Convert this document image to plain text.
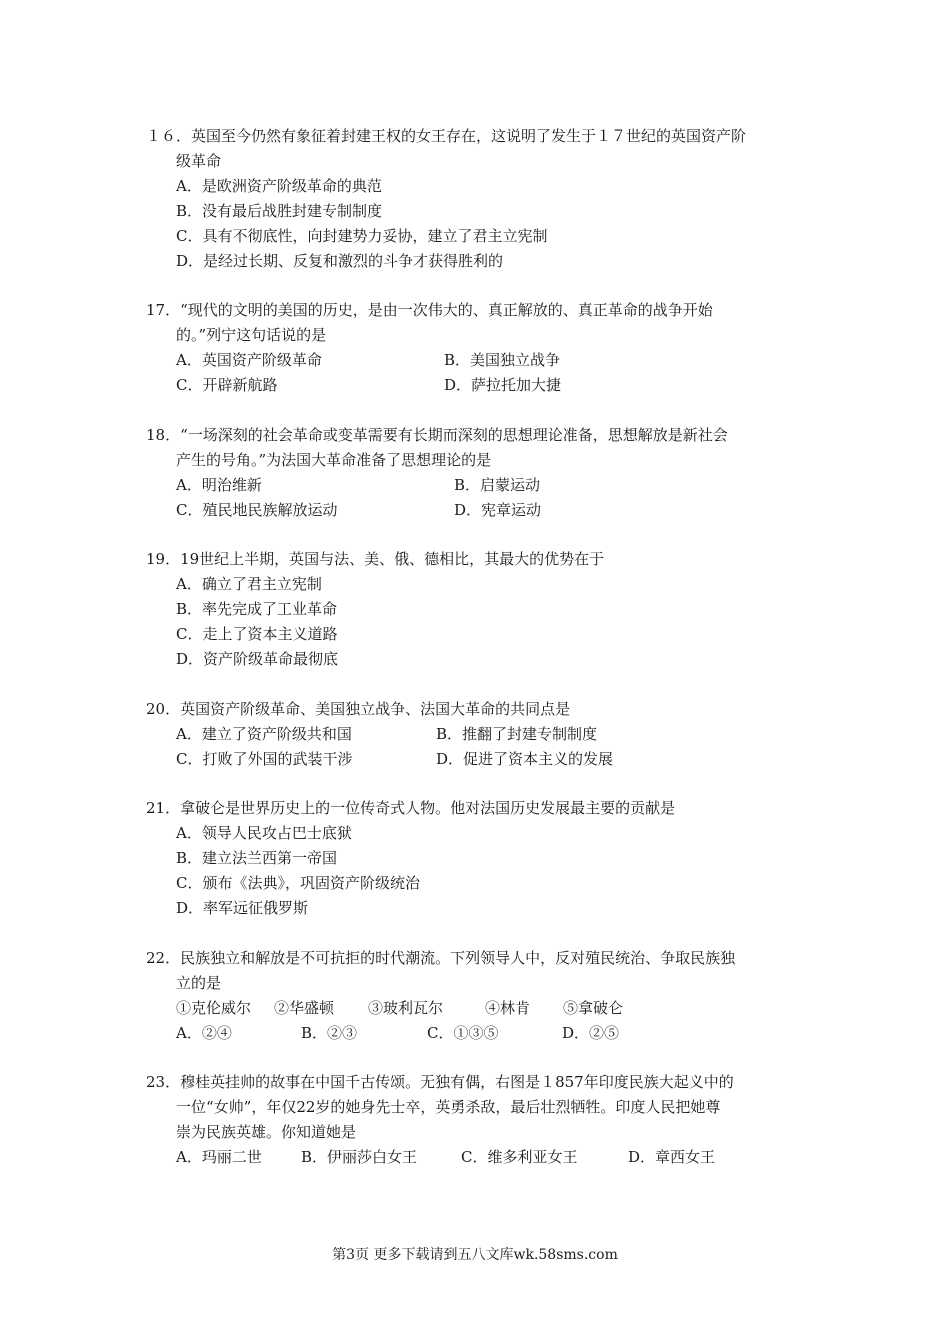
１６．英国至今仍然有象征着封建王权的女王存在，这说明了发生于１７世纪的英国资产阶
级革命
A．是欧洲资产阶级革命的典范
B．没有最后战胜封建专制制度
C．具有不彻底性，向封建势力妥协，建立了君主立宪制
D．是经过长期、反复和激烈的斗争才获得胜利的
17．“现代的文明的美国的历史，是由一次伟大的、真正解放的、真正革命的战争开始
的。”列宁这句话说的是
A．英国资产阶级革命	B．美国独立战争
C．开辟新航路	D．萨拉托加大捷
18．“一场深刻的社会革命或变革需要有长期而深刻的思想理论准备，思想解放是新社会
产生的号角。”为法国大革命准备了思想理论的是
A．明治维新	B．启蒙运动
C．殖民地民族解放运动	D．宪章运动
19．19世纪上半期，英国与法、美、俄、德相比，其最大的优势在于
A．确立了君主立宪制
B．率先完成了工业革命
C．走上了资本主义道路
D．资产阶级革命最彻底
20．英国资产阶级革命、美国独立战争、法国大革命的共同点是
A．建立了资产阶级共和国	B．推翻了封建专制制度
C．打败了外国的武装干涉	D．促进了资本主义的发展
21．拿破仑是世界历史上的一位传奇式人物。他对法国历史发展最主要的贡献是
A．领导人民攻占巴士底狱
B．建立法兰西第一帝国
C．颁布《法典》，巩固资产阶级统治
D．率军远征俄罗斯
22．民族独立和解放是不可抗拒的时代潮流。下列领导人中，反对殖民统治、争取民族独
立的是
①克伦威尔	②华盛顿	③玻利瓦尔	④林肯	⑤拿破仑
A．②④	B．②③	C．①③⑤	D．②⑤
23．穆桂英挂帅的故事在中国千古传颂。无独有偶，右图是１857年印度民族大起义中的
一位“女帅”，年仅22岁的她身先士卒，英勇杀敌，最后壮烈牺牲。印度人民把她尊
崇为民族英雄。你知道她是
A．玛丽二世	B．伊丽莎白女王	C．维多利亚女王	D．章西女王
第3页 更多下载请到五八文库wk.58sms.com
